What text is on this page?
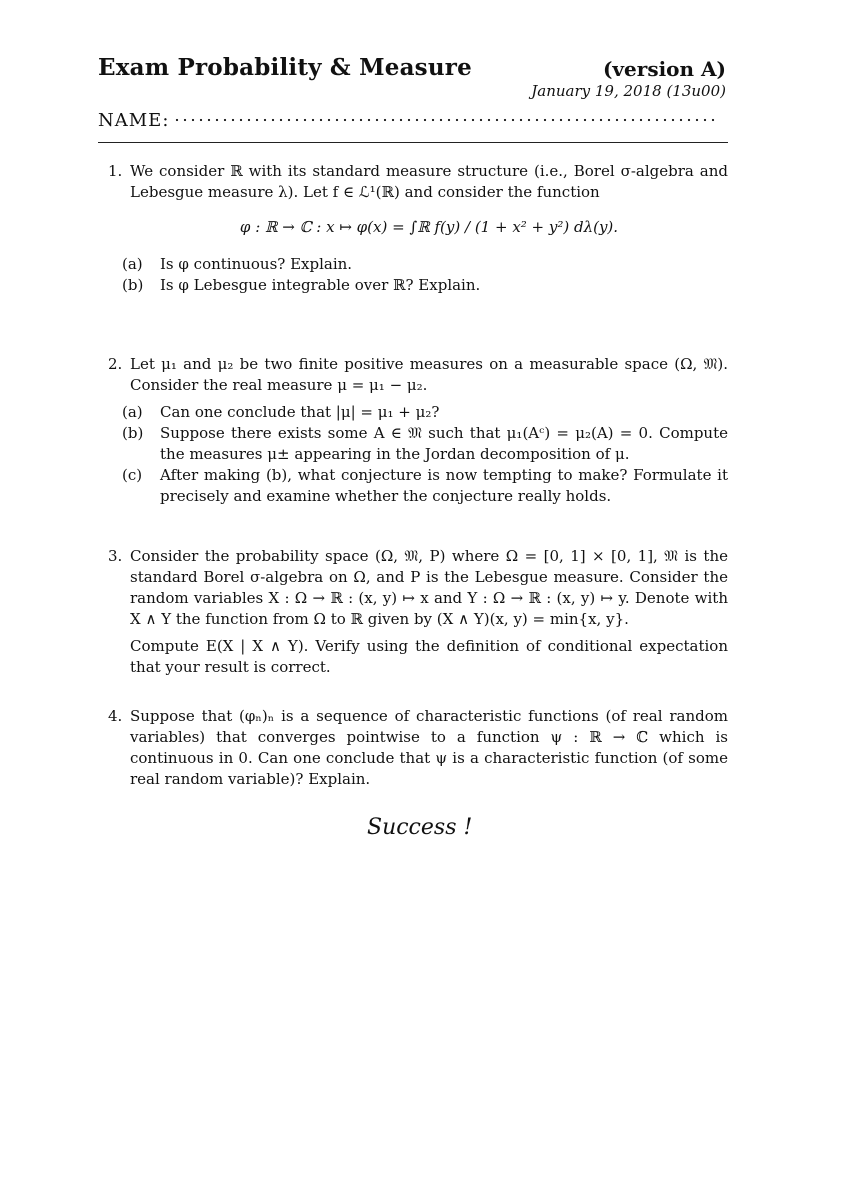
Exam Probability & Measure	(version A)
January 19, 2018 (13u00)
NAME:
1. We consider ℝ with its standard measure structure (i.e., Borel σ-algebra and Lebesgue measure λ). Let f ∈ ℒ¹(ℝ) and consider the function

φ : ℝ → ℂ : x ↦ φ(x) = ∫ℝ f(y) / (1 + x² + y²) dλ(y).
(a) Is φ continuous? Explain.
(b) Is φ Lebesgue integrable over ℝ? Explain.
2. Let μ₁ and μ₂ be two finite positive measures on a measurable space (Ω, 𝔐). Consider the real measure μ = μ₁ − μ₂.

(a) Can one conclude that |μ| = μ₁ + μ₂?
(b) Suppose there exists some A ∈ 𝔐 such that μ₁(Aᶜ) = μ₂(A) = 0. Compute the measures μ± appearing in the Jordan decomposition of μ.
(c) After making (b), what conjecture is now tempting to make? Formulate it precisely and examine whether the conjecture really holds.
3. Consider the probability space (Ω, 𝔐, P) where Ω = [0, 1] × [0, 1], 𝔐 is the standard Borel σ-algebra on Ω, and P is the Lebesgue measure. Consider the random variables X : Ω → ℝ : (x, y) ↦ x and Y : Ω → ℝ : (x, y) ↦ y. Denote with X ∧ Y the function from Ω to ℝ given by (X ∧ Y)(x, y) = min{x, y}.

Compute E(X | X ∧ Y). Verify using the definition of conditional expectation that your result is correct.

4. Suppose that (φₙ)ₙ is a sequence of characteristic functions (of real random variables) that converges pointwise to a function ψ : ℝ → ℂ which is continuous in 0. Can one conclude that ψ is a characteristic function (of some real random variable)? Explain.

Success !
